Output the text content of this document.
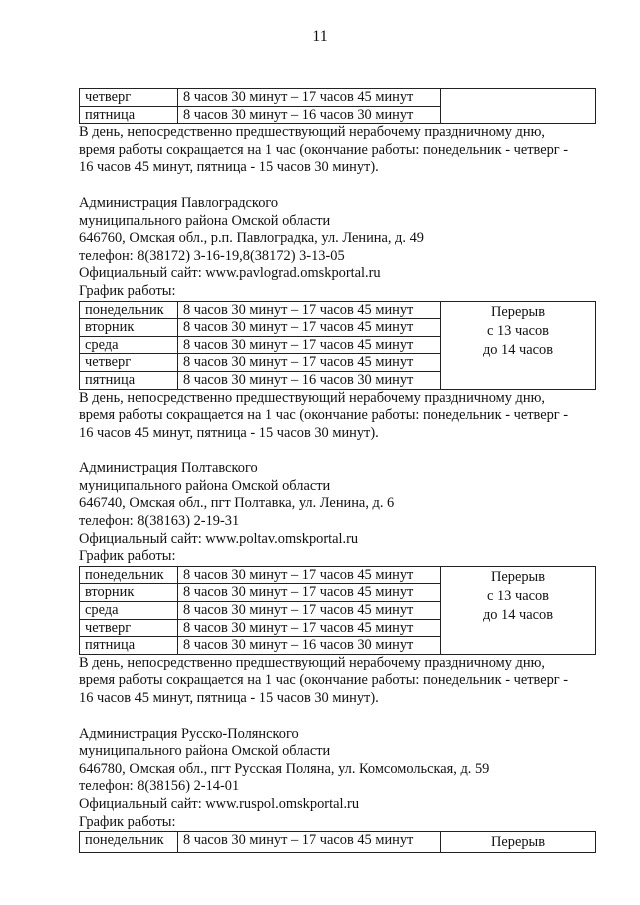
11
четверг	8 часов 30 минут – 17 часов 45 минут	
пятница	8 часов 30 минут – 16 часов 30 минут	
В день, непосредственно предшествующий нерабочему праздничному дню,
время работы сокращается на 1 час (окончание работы: понедельник - четверг -
16 часов 45 минут, пятница - 15 часов 30 минут).

Администрация Павлоградского

муниципального района Омской области

646760, Омская обл., р.п. Павлоградка, ул. Ленина, д. 49

телефон: 8(38172) 3-16-19,8(38172) 3-13-05

Официальный сайт: www.pavlograd.omskportal.ru

График работы:

понедельник	8 часов 30 минут – 17 часов 45 минут	Перерыв
с 13 часов
до 14 часов

вторник	8 часов 30 минут – 17 часов 45 минут	
среда	8 часов 30 минут – 17 часов 45 минут	
четверг	8 часов 30 минут – 17 часов 45 минут	
пятница	8 часов 30 минут – 16 часов 30 минут	
В день, непосредственно предшествующий нерабочему праздничному дню,
время работы сокращается на 1 час (окончание работы: понедельник - четверг -
16 часов 45 минут, пятница - 15 часов 30 минут).

Администрация Полтавского

муниципального района Омской области

646740, Омская обл., пгт Полтавка, ул. Ленина, д. 6

телефон: 8(38163) 2-19-31

Официальный сайт: www.poltav.omskportal.ru

График работы:

понедельник	8 часов 30 минут – 17 часов 45 минут	Перерыв
с 13 часов
до 14 часов

вторник	8 часов 30 минут – 17 часов 45 минут	
среда	8 часов 30 минут – 17 часов 45 минут	
четверг	8 часов 30 минут – 17 часов 45 минут	
пятница	8 часов 30 минут – 16 часов 30 минут	
В день, непосредственно предшествующий нерабочему праздничному дню,
время работы сокращается на 1 час (окончание работы: понедельник - четверг -
16 часов 45 минут, пятница - 15 часов 30 минут).

Администрация Русско-Полянского

муниципального района Омской области

646780, Омская обл., пгт Русская Поляна, ул. Комсомольская, д. 59

телефон: 8(38156) 2-14-01

Официальный сайт: www.ruspol.omskportal.ru

График работы:

понедельник	8 часов 30 минут – 17 часов 45 минут	Перерыв
